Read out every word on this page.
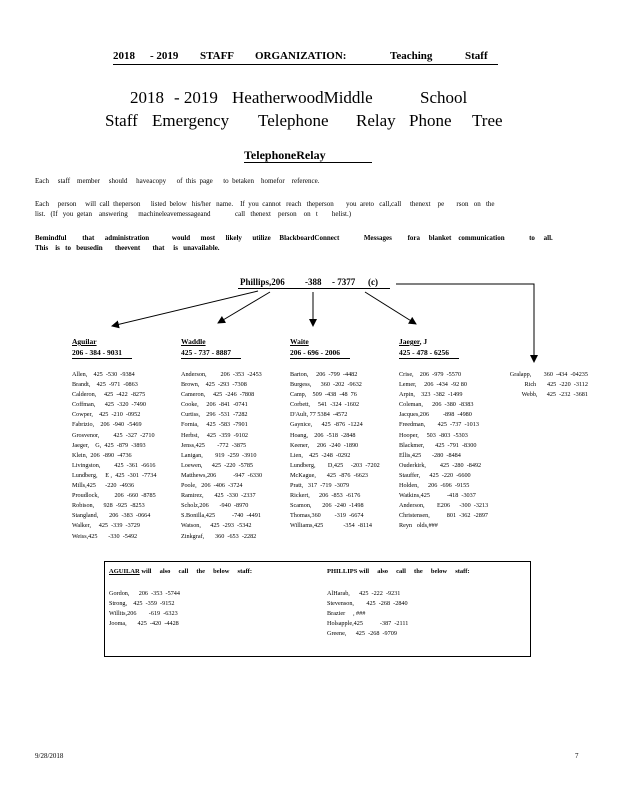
2018 - 2019 STAFF ORGANIZATION:	Teaching	Staff
2018 - 2019 HeatherwoodMiddle	School
Staff Emergency Telephone Relay Phone Tree
TelephoneRelay
Each     staff    member     should     haveacopy      of  this  page      to  betaken    homefor    reference.
Each     person     will  call  theperson      listed  below   his/her   name.    If  you  cannot   reach   theperson       you  areto   call,call     thenext    pe       rson   on   the
list.   (If   you  getan    answering      machineleavemessageand              call   thenext    person    on   t        helist.)
Bemindful         that      administration             would      most      likely      utilize     BlackboardConnect              Messages         fora     blanket    communication              to     all.
This    is   to   beusedin       theevent       that     is   unavailable.
Phillips,206 -388 - 7377 (c)
Aguilar
206 - 384 - 9031
Allen,    425  -530  -9384
Brandt,    425  -971  -0863
Calderon,     425  -422  -8275
Coffman,      425  -320  -7490
Cowper,    425  -210  -0952
Fabrizio,    206  -940  -5469
Grosvenor,         425  -327  -2710
Jaeger,    G,  425  -879  -3893
Klein,  206  -890  -4736
Livingston,         425  -361  -6616
Lundberg,     E ,  425  -301  -7734
Mills,425      -220  -4936
Proudlock,          206  -660  -8785
Robison,      928  -925  -8253
Stangland,       206  -383  -0664
Walker,     425  -339  -3729
Weiss,425       -330  -5492
Waddle
425 - 737 - 8887
Anderson,         206  -353  -2453
Brown,    425  -293  -7308
Cameron,     425  -246  -7808
Cooke,     206  -841  -0741
Curtiss,    296  -531  -7282
Fornia,     425  -583  -7901
Herbst,     425  -359  -9102
Jenss,425        -772  -3875
Lanigan,        919  -259  -3910
Loewen,      425  -220  -5785
Matthews,206           -947  -6330
Poole,   206  -406  -3724
Ramirez,       425  -330  -2337
Scholz,206       -940  -8970
S.Bonilla,425           -740  -4491
Watson,      425  -293  -5342
Zinkgraf,       360  -653  -2282
Waite
206 - 696 - 2006
Barton,     206  -799  -4482
Burgess,      360  -202  -9632
Camp,    509  -438  -48  76
Corbett,     541  -324  -1602
D'Ault, 77 5384  -4572
Gaynice,      425  -876  -1224
Hoang,    206  -518  -2848
Keener,     206  -240  -1890
Lien,    425  -248  -0292
Lundberg,        D,425     -203  -7202
McKague,       425  -876  -6623
Pratt,   317  -719  -3079
Rickert,      206  -853  -6176
Scamon,       206  -240  -1498
Thomas,360         -319  -6674
Williams,425             -354  -8114
Jaeger, J
425 - 478 - 6256
Crise,    206  -979  -5570
Lemer,     206  -434  -92 80
Arpin,    323  -382  -1499
Coleman,      206  -380  -8383
Jacques,206         -898  -4980
Freedman,        425  -737  -1013
Hooper,     503  -803  -5303
Blackmer,       425  -791  -8300
Ellis,425       -280  -8484
Ouderkirk,         425  -280  -8492
Stauffer,      425  -220  -6600
Holden,      206  -696  -9155
Watkins,425           -418  -3037
Anderson,        E206      -300  -3213
Christensen,           801  -362  -2897
Reyn   olds,###
Gralapp,        360  -434  -04235
Rich       425  -220  -3112
Webb,      425  -232  -3681
AGUILAR will     also     call     the     below     staff:
Gordon,      206  -353  -5744
Strong,    425  -359  -9152
Willits,206        -619  -6323
Jooma,       425  -420  -4428
PHILLIPS will     also     call     the     below     staff:
AlHarab,      425  -222  -9231
Stevenson,        425  -268  -2840
Brazier     , ###
Holsapple,425           -387  -2111
Greene,      425  -268  -9709
9/28/2018	7
